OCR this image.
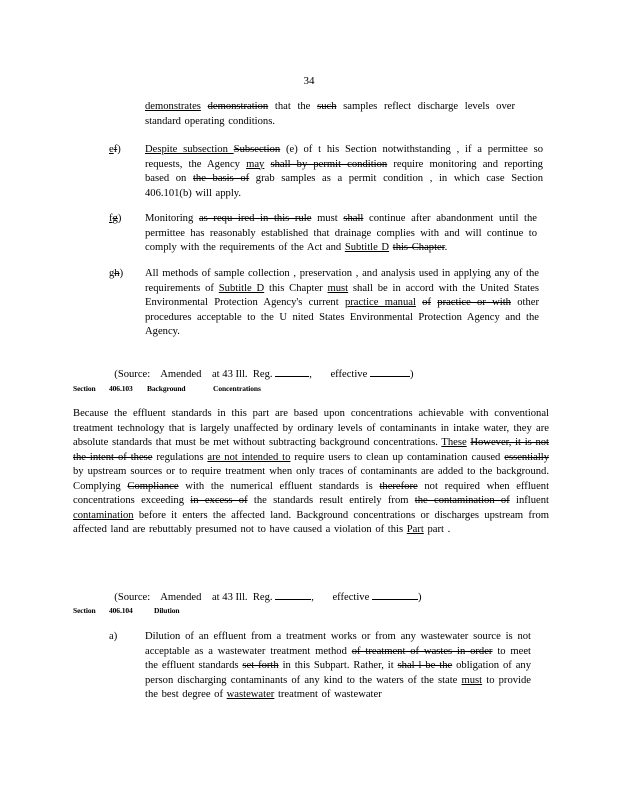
34
demonstrates demonstration that the such samples reflect discharge levels over standard operating conditions.
ef) Despite subsection Subsection (e) of t his Section notwithstanding , if a permittee so requests, the Agency may shall by permit condition require monitoring and reporting based on the basis of grab samples as a permit condition , in which case Section 406.101(b) will apply.
fg) Monitoring as requ ired in this rule must shall continue after abandonment until the permittee has reasonably established that drainage complies with and will continue to comply with the requirements of the Act and Subtitle D this Chapter.
gh) All methods of sample collection , preservation , and analysis used in applying any of the requirements of Subtitle D this Chapter must shall be in accord with the United States Environmental Protection Agency's current practice manual of practice or with other procedures acceptable to the U nited States Environmental Protection Agency and the Agency.

(Source:    Amended    at 43 Ill.  Reg.	,       effective	)

Section 406.103 Background	Concentrations
Because the effluent standards in this part are based upon concentrations achievable with conventional treatment technology that is largely unaffected by ordinary levels of contaminants in intake water, they are absolute standards that must be met without subtracting background concentrations. These However, it is not the intent of these regulations are not intended to require users to clean up contamination caused essentially by upstream sources or to require treatment when only traces of contaminants are added to the background. Complying Compliance with the numerical effluent standards is therefore not required when effluent concentrations exceeding in excess of the standards result entirely from the contamination of influent contamination before it enters the affected land. Background concentrations or discharges upstream from affected land are rebuttably presumed not to have caused a violation of this Part part .

(Source:    Amended    at 43 Ill.  Reg.	,       effective	)

Section 406.104	Dilution
a)	Dilution of an effluent from a treatment works or from any wastewater source is not acceptable as a wastewater treatment method of treatment of wastes in order to meet the effluent standards set forth in this Subpart. Rather, it shal l be the obligation of any person discharging contaminants of any kind to the waters of the state must to provide the best degree of wastewater treatment of wastewater
